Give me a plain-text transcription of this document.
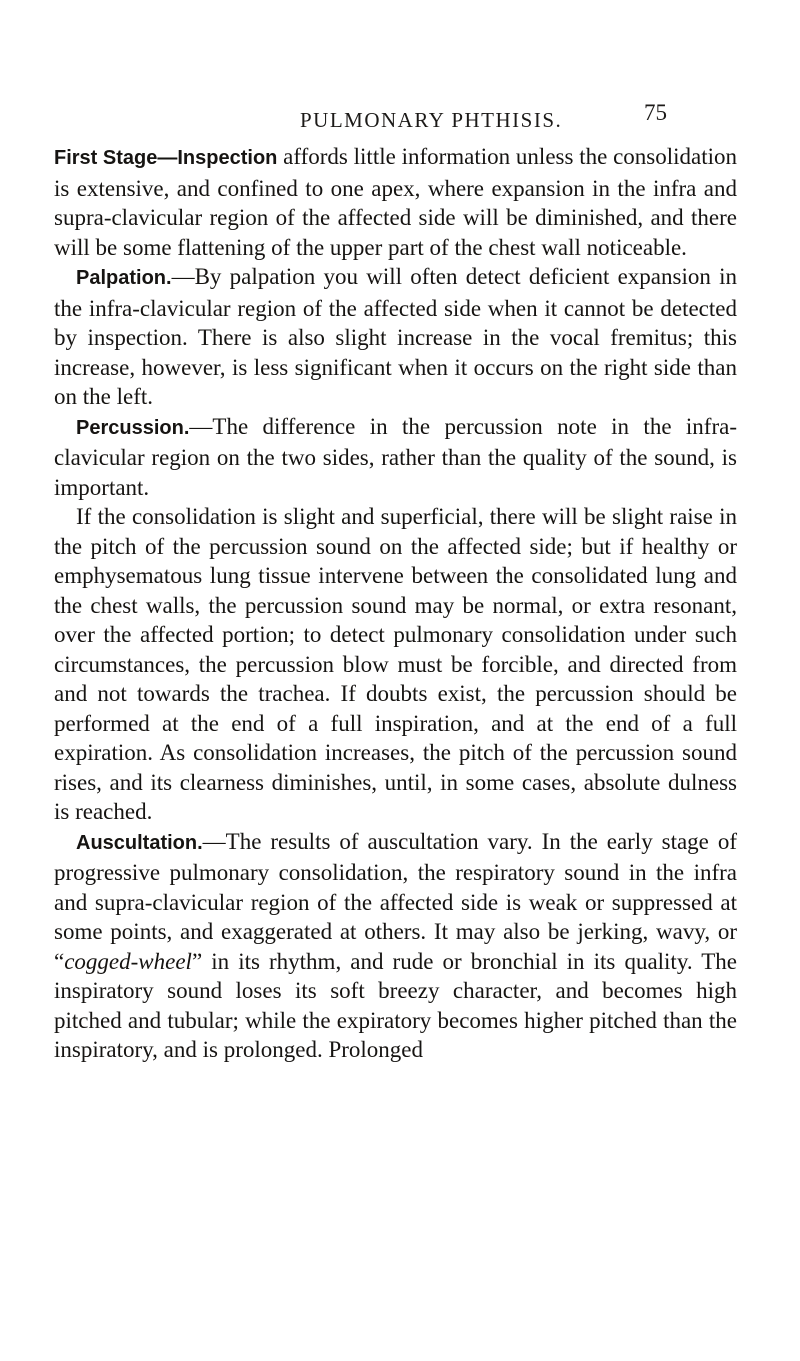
PULMONARY PHTHISIS.	75

First Stage—Inspection affords little information unless the consolidation is extensive, and confined to one apex, where expansion in the infra and supra-clavicular region of the affected side will be diminished, and there will be some flattening of the upper part of the chest wall noticeable.

Palpation.—By palpation you will often detect deficient expansion in the infra-clavicular region of the affected side when it cannot be detected by inspection. There is also slight increase in the vocal fremitus; this increase, however, is less significant when it occurs on the right side than on the left.

Percussion.—The difference in the percussion note in the infra-clavicular region on the two sides, rather than the quality of the sound, is important.

If the consolidation is slight and superficial, there will be slight raise in the pitch of the percussion sound on the affected side; but if healthy or emphysematous lung tissue intervene between the consolidated lung and the chest walls, the percussion sound may be normal, or extra resonant, over the affected portion; to detect pulmonary consolidation under such circumstances, the percussion blow must be forcible, and directed from and not towards the trachea. If doubts exist, the percussion should be performed at the end of a full inspiration, and at the end of a full expiration. As consolidation increases, the pitch of the percussion sound rises, and its clearness diminishes, until, in some cases, absolute dulness is reached.

Auscultation.—The results of auscultation vary. In the early stage of progressive pulmonary consolidation, the respiratory sound in the infra and supra-clavicular region of the affected side is weak or suppressed at some points, and exaggerated at others. It may also be jerking, wavy, or “cogged-wheel” in its rhythm, and rude or bronchial in its quality. The inspiratory sound loses its soft breezy character, and becomes high pitched and tubular; while the expiratory becomes higher pitched than the inspiratory, and is prolonged. Prolonged
